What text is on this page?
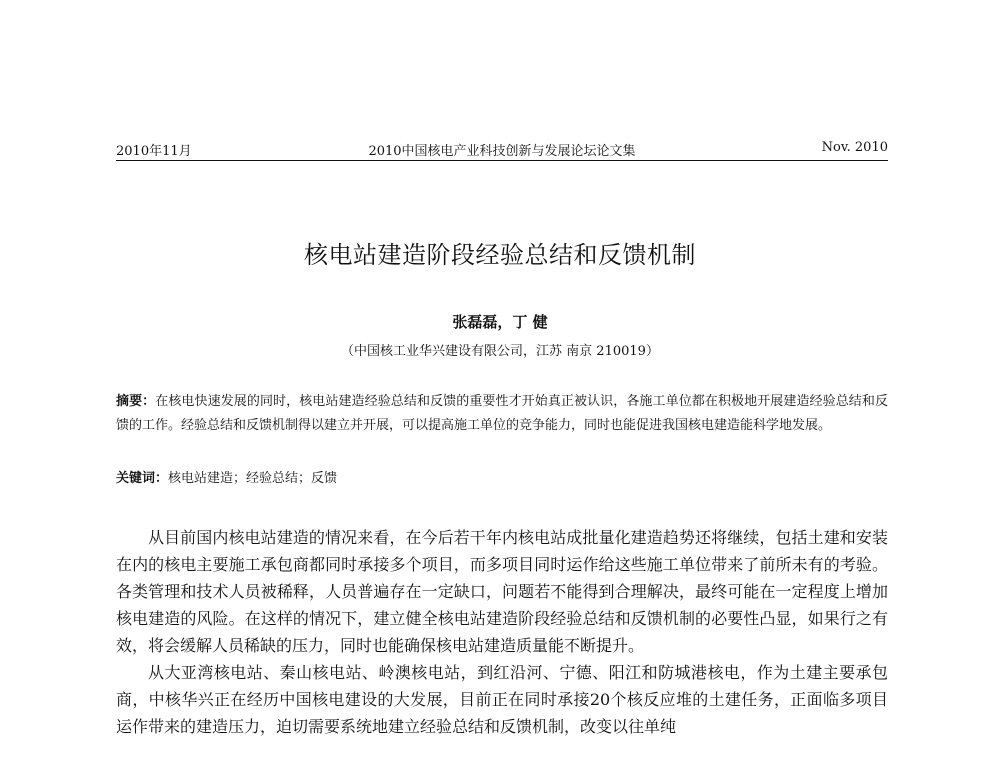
2010年11月	2010中国核电产业科技创新与发展论坛论文集	Nov. 2010
核电站建造阶段经验总结和反馈机制
张磊磊，丁 健
（中国核工业华兴建设有限公司，江苏 南京 210019）
摘要：在核电快速发展的同时，核电站建造经验总结和反馈的重要性才开始真正被认识，各施工单位都在积极地开展建造经验总结和反馈的工作。经验总结和反馈机制得以建立并开展，可以提高施工单位的竞争能力，同时也能促进我国核电建造能科学地发展。
关键词：核电站建造；经验总结；反馈

从目前国内核电站建造的情况来看，在今后若干年内核电站成批量化建造趋势还将继续，包括土建和安装在内的核电主要施工承包商都同时承接多个项目，而多项目同时运作给这些施工单位带来了前所未有的考验。各类管理和技术人员被稀释，人员普遍存在一定缺口，问题若不能得到合理解决，最终可能在一定程度上增加核电建造的风险。在这样的情况下，建立健全核电站建造阶段经验总结和反馈机制的必要性凸显，如果行之有效，将会缓解人员稀缺的压力，同时也能确保核电站建造质量能不断提升。

从大亚湾核电站、秦山核电站、岭澳核电站，到红沿河、宁德、阳江和防城港核电，作为土建主要承包商，中核华兴正在经历中国核电建设的大发展，目前正在同时承接20个核反应堆的土建任务，正面临多项目运作带来的建造压力，迫切需要系统地建立经验总结和反馈机制，改变以往单纯
